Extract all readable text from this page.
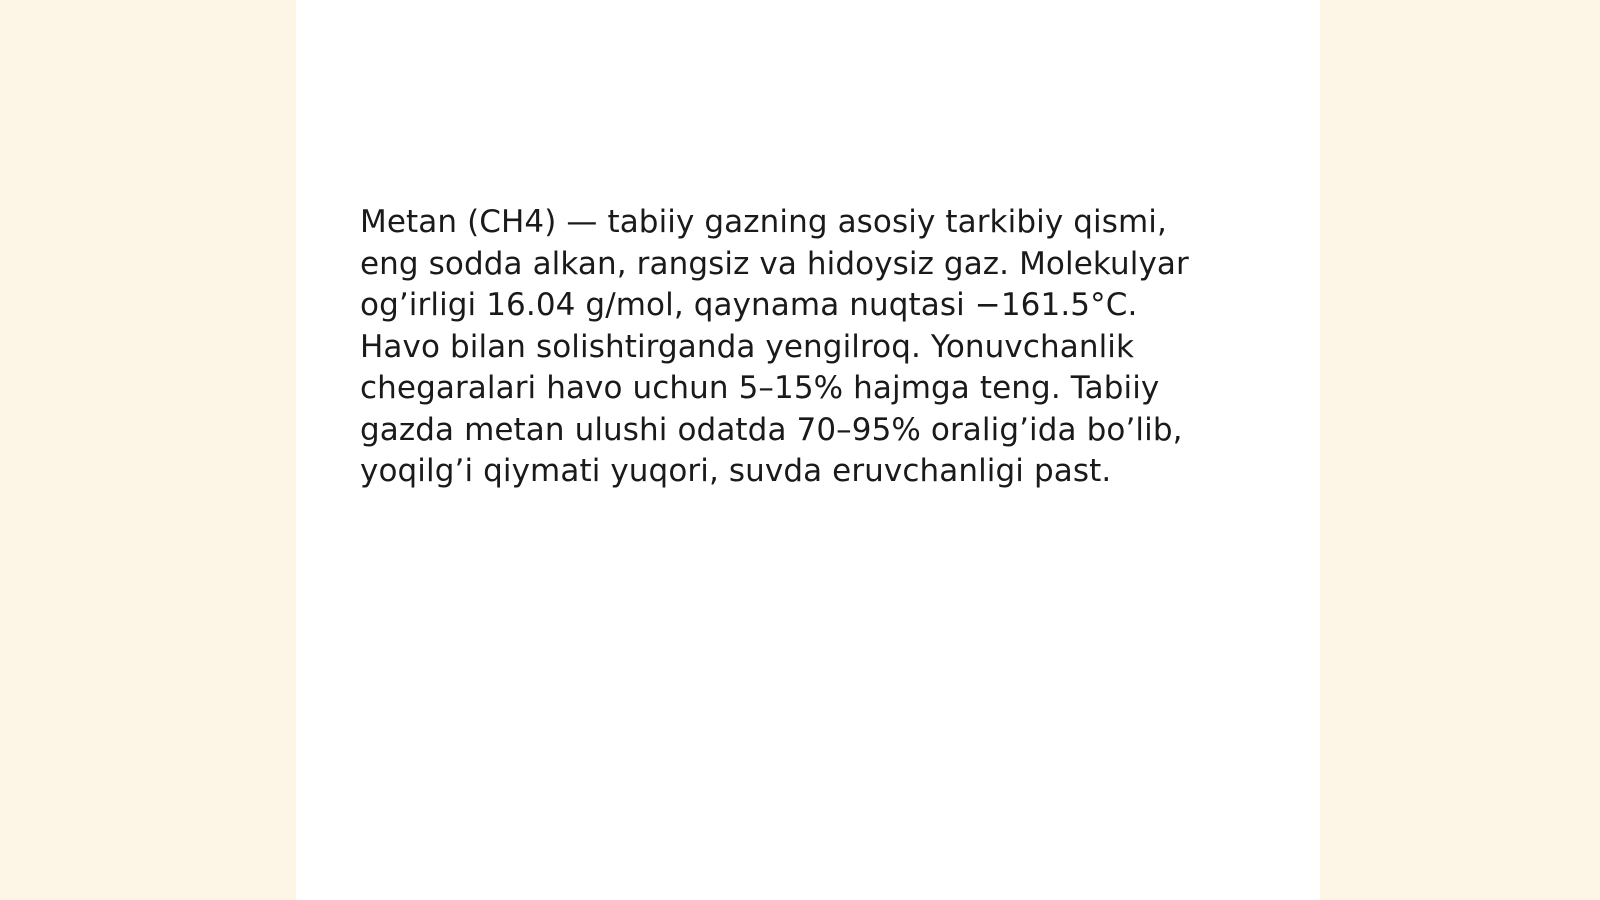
Metan (CH4) — tabiiy gazning asosiy tarkibiy qismi,
eng sodda alkan, rangsiz va hidoysiz gaz. Molekulyar
og’irligi 16.04 g/mol, qaynama nuqtasi −161.5°C.
Havo bilan solishtirganda yengilroq. Yonuvchanlik
chegaralari havo uchun 5–15% hajmga teng. Tabiiy
gazda metan ulushi odatda 70–95% oralig’ida bo’lib,
yoqilg’i qiymati yuqori, suvda eruvchanligi past.
